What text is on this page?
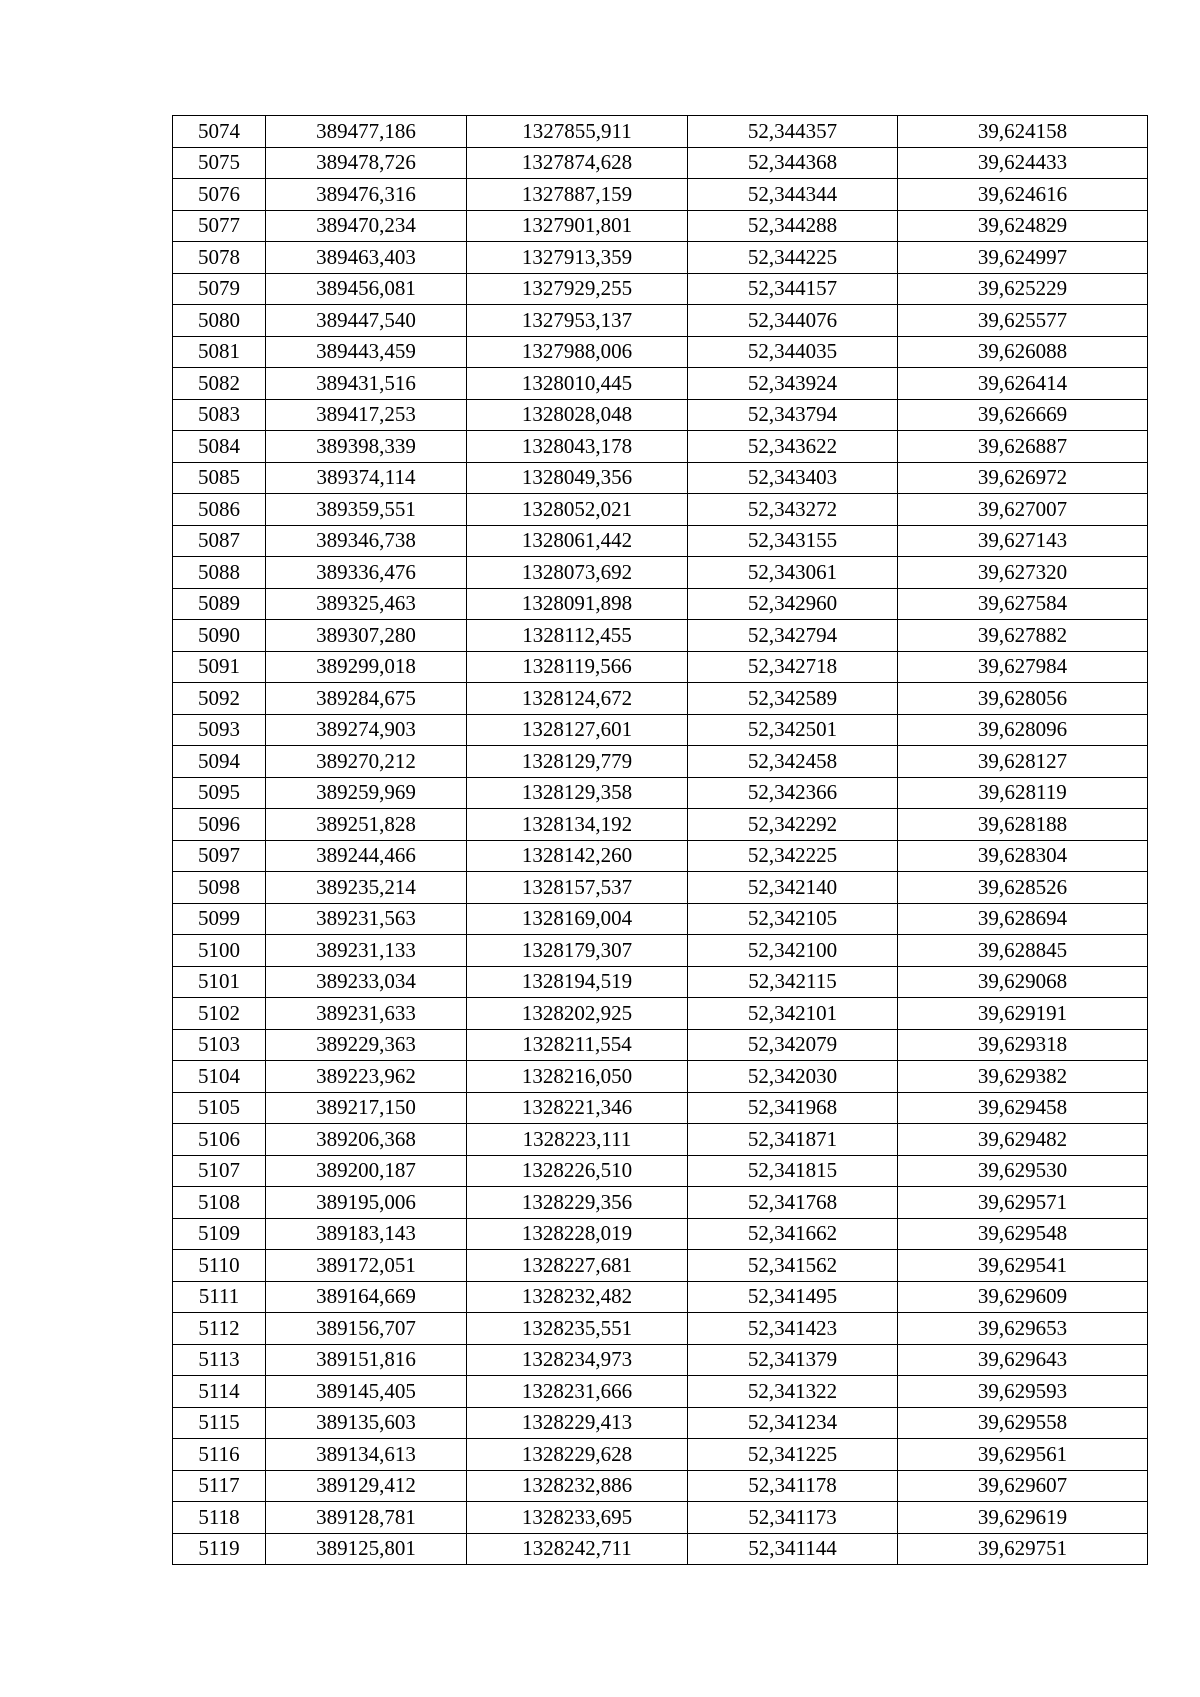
5074	389477,186	1327855,911	52,344357	39,624158
5075	389478,726	1327874,628	52,344368	39,624433
5076	389476,316	1327887,159	52,344344	39,624616
5077	389470,234	1327901,801	52,344288	39,624829
5078	389463,403	1327913,359	52,344225	39,624997
5079	389456,081	1327929,255	52,344157	39,625229
5080	389447,540	1327953,137	52,344076	39,625577
5081	389443,459	1327988,006	52,344035	39,626088
5082	389431,516	1328010,445	52,343924	39,626414
5083	389417,253	1328028,048	52,343794	39,626669
5084	389398,339	1328043,178	52,343622	39,626887
5085	389374,114	1328049,356	52,343403	39,626972
5086	389359,551	1328052,021	52,343272	39,627007
5087	389346,738	1328061,442	52,343155	39,627143
5088	389336,476	1328073,692	52,343061	39,627320
5089	389325,463	1328091,898	52,342960	39,627584
5090	389307,280	1328112,455	52,342794	39,627882
5091	389299,018	1328119,566	52,342718	39,627984
5092	389284,675	1328124,672	52,342589	39,628056
5093	389274,903	1328127,601	52,342501	39,628096
5094	389270,212	1328129,779	52,342458	39,628127
5095	389259,969	1328129,358	52,342366	39,628119
5096	389251,828	1328134,192	52,342292	39,628188
5097	389244,466	1328142,260	52,342225	39,628304
5098	389235,214	1328157,537	52,342140	39,628526
5099	389231,563	1328169,004	52,342105	39,628694
5100	389231,133	1328179,307	52,342100	39,628845
5101	389233,034	1328194,519	52,342115	39,629068
5102	389231,633	1328202,925	52,342101	39,629191
5103	389229,363	1328211,554	52,342079	39,629318
5104	389223,962	1328216,050	52,342030	39,629382
5105	389217,150	1328221,346	52,341968	39,629458
5106	389206,368	1328223,111	52,341871	39,629482
5107	389200,187	1328226,510	52,341815	39,629530
5108	389195,006	1328229,356	52,341768	39,629571
5109	389183,143	1328228,019	52,341662	39,629548
5110	389172,051	1328227,681	52,341562	39,629541
5111	389164,669	1328232,482	52,341495	39,629609
5112	389156,707	1328235,551	52,341423	39,629653
5113	389151,816	1328234,973	52,341379	39,629643
5114	389145,405	1328231,666	52,341322	39,629593
5115	389135,603	1328229,413	52,341234	39,629558
5116	389134,613	1328229,628	52,341225	39,629561
5117	389129,412	1328232,886	52,341178	39,629607
5118	389128,781	1328233,695	52,341173	39,629619
5119	389125,801	1328242,711	52,341144	39,629751
